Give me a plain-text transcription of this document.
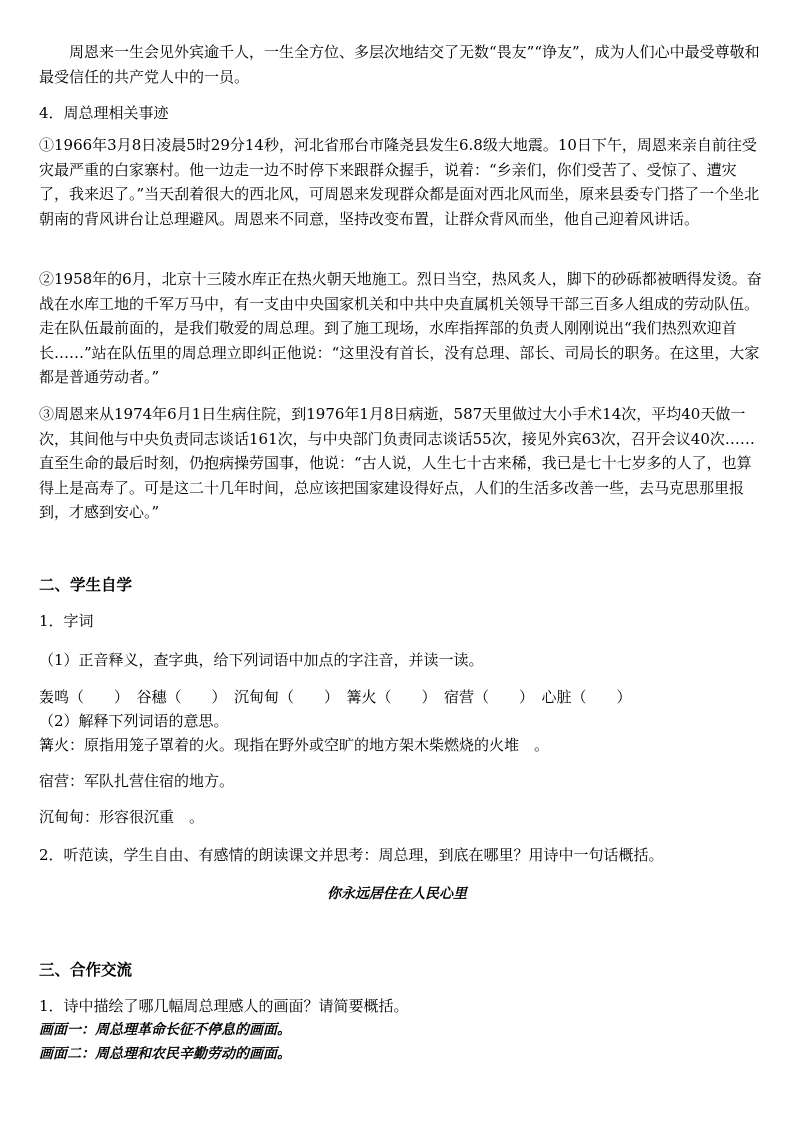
周恩来一生会见外宾逾千人，一生全方位、多层次地结交了无数“畏友”“诤友”，成为人们心中最受尊敬和最受信任的共产党人中的一员。
4．周总理相关事迹
①1966年3月8日凌晨5时29分14秒，河北省邢台市隆尧县发生6.8级大地震。10日下午，周恩来亲自前往受灾最严重的白家寨村。他一边走一边不时停下来跟群众握手，说着：“乡亲们，你们受苦了、受惊了、遭灾了，我来迟了。”当天刮着很大的西北风，可周恩来发现群众都是面对西北风而坐，原来县委专门搭了一个坐北朝南的背风讲台让总理避风。周恩来不同意，坚持改变布置，让群众背风而坐，他自己迎着风讲话。
②1958年的6月，北京十三陵水库正在热火朝天地施工。烈日当空，热风炙人，脚下的砂砾都被晒得发烫。奋战在水库工地的千军万马中，有一支由中央国家机关和中共中央直属机关领导干部三百多人组成的劳动队伍。走在队伍最前面的，是我们敬爱的周总理。到了施工现场，水库指挥部的负责人刚刚说出“我们热烈欢迎首长……”站在队伍里的周总理立即纠正他说：“这里没有首长，没有总理、部长、司局长的职务。在这里，大家都是普通劳动者。”
③周恩来从1974年6月1日生病住院，到1976年1月8日病逝，587天里做过大小手术14次，平均40天做一次，其间他与中央负责同志谈话161次，与中央部门负责同志谈话55次，接见外宾63次，召开会议40次……直至生命的最后时刻，仍抱病操劳国事，他说：“古人说，人生七十古来稀，我已是七十七岁多的人了，也算得上是高寿了。可是这二十几年时间，总应该把国家建设得好点，人们的生活多改善一些，去马克思那里报到，才感到安心。”
二、学生自学
1．字词
（1）正音释义，查字典，给下列词语中加点的字注音，并读一读。
轰鸣（　　）　谷穗（　　）　沉甸甸（　　）　篝火（　　）　宿营（　　）　心脏（　　）
（2）解释下列词语的意思。
篝火：原指用笼子罩着的火。现指在野外或空旷的地方架木柴燃烧的火堆　。
宿营：军队扎营住宿的地方。
沉甸甸：形容很沉重　。
2．听范读，学生自由、有感情的朗读课文并思考：周总理，到底在哪里？用诗中一句话概括。
你永远居住在人民心里
三、合作交流
1．诗中描绘了哪几幅周总理感人的画面？请简要概括。
画面一：周总理革命长征不停息的画面。
画面二：周总理和农民辛勤劳动的画面。
